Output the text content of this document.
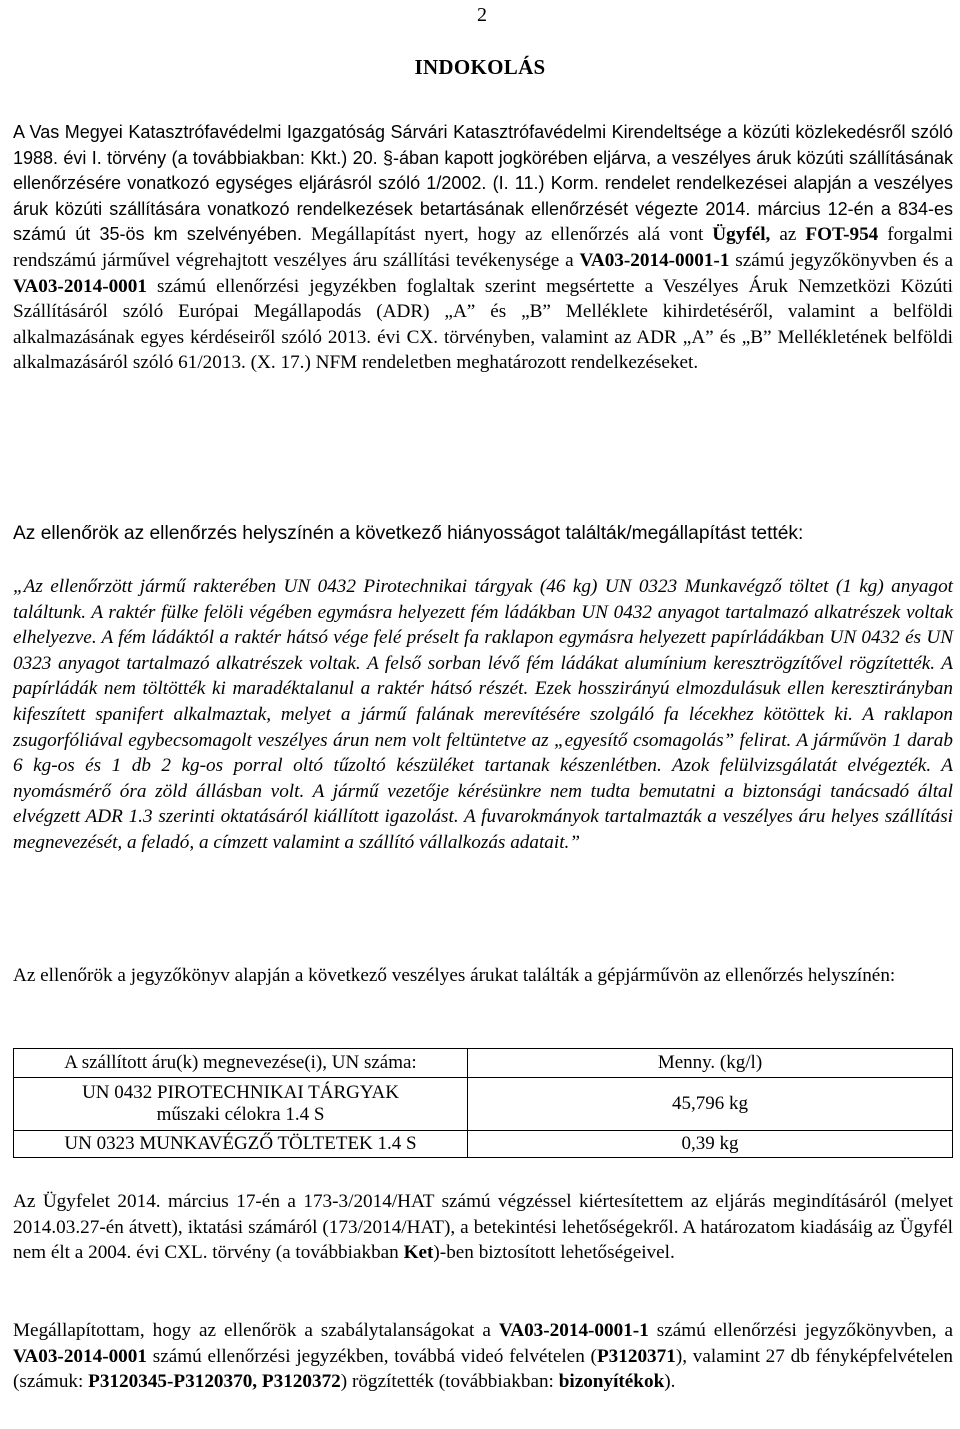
2
INDOKOLÁS

A Vas Megyei Katasztrófavédelmi Igazgatóság Sárvári Katasztrófavédelmi Kirendeltsége a közúti közlekedésről szóló 1988. évi I. törvény (a továbbiakban: Kkt.) 20. §-ában kapott jogkörében eljárva, a veszélyes áruk közúti szállításának ellenőrzésére vonatkozó egységes eljárásról szóló 1/2002. (I. 11.) Korm. rendelet rendelkezései alapján a veszélyes áruk közúti szállítására vonatkozó rendelkezések betartásának ellenőrzését végezte 2014. március 12-én a 834-es számú út 35-ös km szelvényében. Megállapítást nyert, hogy az ellenőrzés alá vont Ügyfél, az FOT-954 forgalmi rendszámú járművel végrehajtott veszélyes áru szállítási tevékenysége a VA03-2014-0001-1 számú jegyzőkönyvben és a VA03-2014-0001 számú ellenőrzési jegyzékben foglaltak szerint megsértette a Veszélyes Áruk Nemzetközi Közúti Szállításáról szóló Európai Megállapodás (ADR) „A” és „B” Melléklete kihirdetéséről, valamint a belföldi alkalmazásának egyes kérdéseiről szóló 2013. évi CX. törvényben, valamint az ADR „A” és „B” Mellékletének belföldi alkalmazásáról szóló 61/2013. (X. 17.) NFM rendeletben meghatározott rendelkezéseket.

Az ellenőrök az ellenőrzés helyszínén a következő hiányosságot találták/megállapítást tették:

„Az ellenőrzött jármű rakterében UN 0432 Pirotechnikai tárgyak (46 kg) UN 0323 Munkavégző töltet (1 kg) anyagot találtunk. A raktér fülke felöli végében egymásra helyezett fém ládákban UN 0432 anyagot tartalmazó alkatrészek voltak elhelyezve. A fém ládáktól a raktér hátsó vége felé préselt fa raklapon egymásra helyezett papírládákban UN 0432 és UN 0323 anyagot tartalmazó alkatrészek voltak. A felső sorban lévő fém ládákat alumínium keresztrögzítővel rögzítették. A papírládák nem töltötték ki maradéktalanul a raktér hátsó részét. Ezek hosszirányú elmozdulásuk ellen keresztirányban kifeszített spanifert alkalmaztak, melyet a jármű falának merevítésére szolgáló fa lécekhez kötöttek ki. A raklapon zsugorfóliával egybecsomagolt veszélyes árun nem volt feltüntetve az „egyesítő csomagolás” felirat. A járművön 1 darab 6 kg-os és 1 db 2 kg-os porral oltó tűzoltó készüléket tartanak készenlétben. Azok felülvizsgálatát elvégezték. A nyomásmérő óra zöld állásban volt. A jármű vezetője kérésünkre nem tudta bemutatni a biztonsági tanácsadó által elvégzett ADR 1.3 szerinti oktatásáról kiállított igazolást. A fuvarokmányok tartalmazták a veszélyes áru helyes szállítási megnevezését, a feladó, a címzett valamint a szállító vállalkozás adatait.”

Az ellenőrök a jegyzőkönyv alapján a következő veszélyes árukat találták a gépjárművön az ellenőrzés helyszínén:

A szállított áru(k) megnevezése(i), UN száma:	Menny. (kg/l)

UN 0432 PIROTECHNIKAI TÁRGYAK
műszaki célokra 1.4 S	45,796 kg

UN 0323 MUNKAVÉGZŐ TÖLTETEK 1.4 S	0,39 kg

Az Ügyfelet 2014. március 17-én a 173-3/2014/HAT számú végzéssel kiértesítettem az eljárás megindításáról (melyet 2014.03.27-én átvett), iktatási számáról (173/2014/HAT), a betekintési lehetőségekről. A határozatom kiadásáig az Ügyfél nem élt a 2004. évi CXL. törvény (a továbbiakban Ket)-ben biztosított lehetőségeivel.

Megállapítottam, hogy az ellenőrök a szabálytalanságokat a VA03-2014-0001-1 számú ellenőrzési jegyzőkönyvben, a VA03-2014-0001 számú ellenőrzési jegyzékben, továbbá videó felvételen (P3120371), valamint 27 db fényképfelvételen (számuk: P3120345-P3120370, P3120372) rögzítették (továbbiakban: bizonyítékok).
